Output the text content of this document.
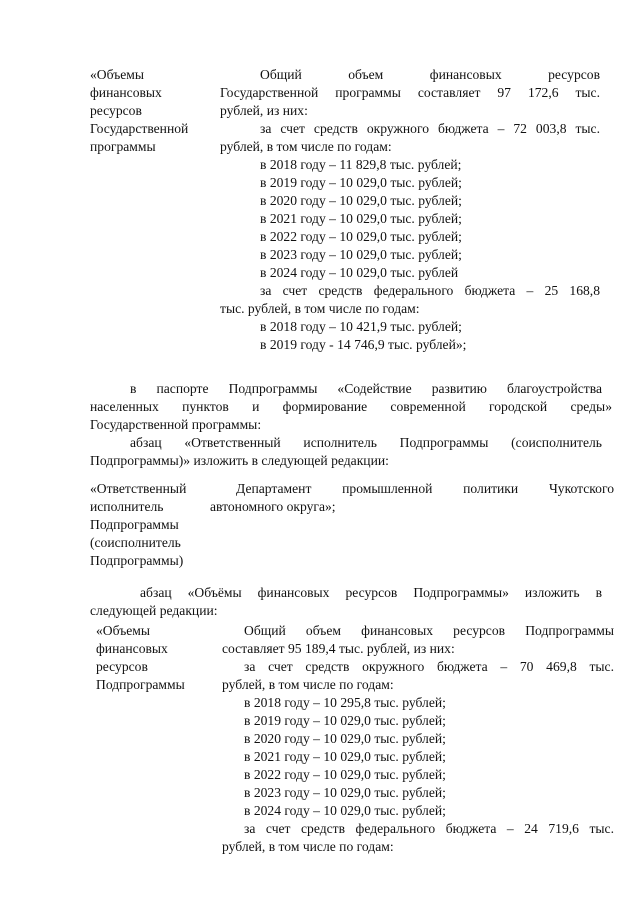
«Объемы
финансовых
ресурсов
Государственной
программы
Общий объем финансовых ресурсов
Государственной программы составляет 97 172,6 тыс.
рублей, из них:
за счет средств окружного бюджета – 72 003,8 тыс.
рублей, в том числе по годам:
в 2018 году – 11 829,8 тыс. рублей;
в 2019 году – 10 029,0 тыс. рублей;
в 2020 году – 10 029,0 тыс. рублей;
в 2021 году – 10 029,0 тыс. рублей;
в 2022 году – 10 029,0 тыс. рублей;
в 2023 году – 10 029,0 тыс. рублей;
в 2024 году – 10 029,0 тыс. рублей
за счет средств федерального бюджета – 25 168,8
тыс. рублей, в том числе по годам:
в 2018 году – 10 421,9 тыс. рублей;
в 2019 году - 14 746,9 тыс. рублей»;
в паспорте Подпрограммы «Содействие развитию благоустройства
населенных пунктов и формирование современной городской среды»
Государственной программы:
абзац «Ответственный исполнитель Подпрограммы (соисполнитель
Подпрограммы)» изложить в следующей редакции:
«Ответственный
исполнитель
Подпрограммы
(соисполнитель
Подпрограммы)
Департамент промышленной политики Чукотского
автономного округа»;
абзац «Объёмы финансовых ресурсов Подпрограммы» изложить в
следующей редакции:
«Объемы
финансовых
ресурсов
Подпрограммы
Общий объем финансовых ресурсов Подпрограммы
составляет 95 189,4 тыс. рублей, из них:
за счет средств окружного бюджета – 70 469,8 тыс.
рублей, в том числе по годам:
в 2018 году – 10 295,8 тыс. рублей;
в 2019 году – 10 029,0 тыс. рублей;
в 2020 году – 10 029,0 тыс. рублей;
в 2021 году – 10 029,0 тыс. рублей;
в 2022 году – 10 029,0 тыс. рублей;
в 2023 году – 10 029,0 тыс. рублей;
в 2024 году – 10 029,0 тыс. рублей;
за счет средств федерального бюджета – 24 719,6 тыс.
рублей, в том числе по годам:
